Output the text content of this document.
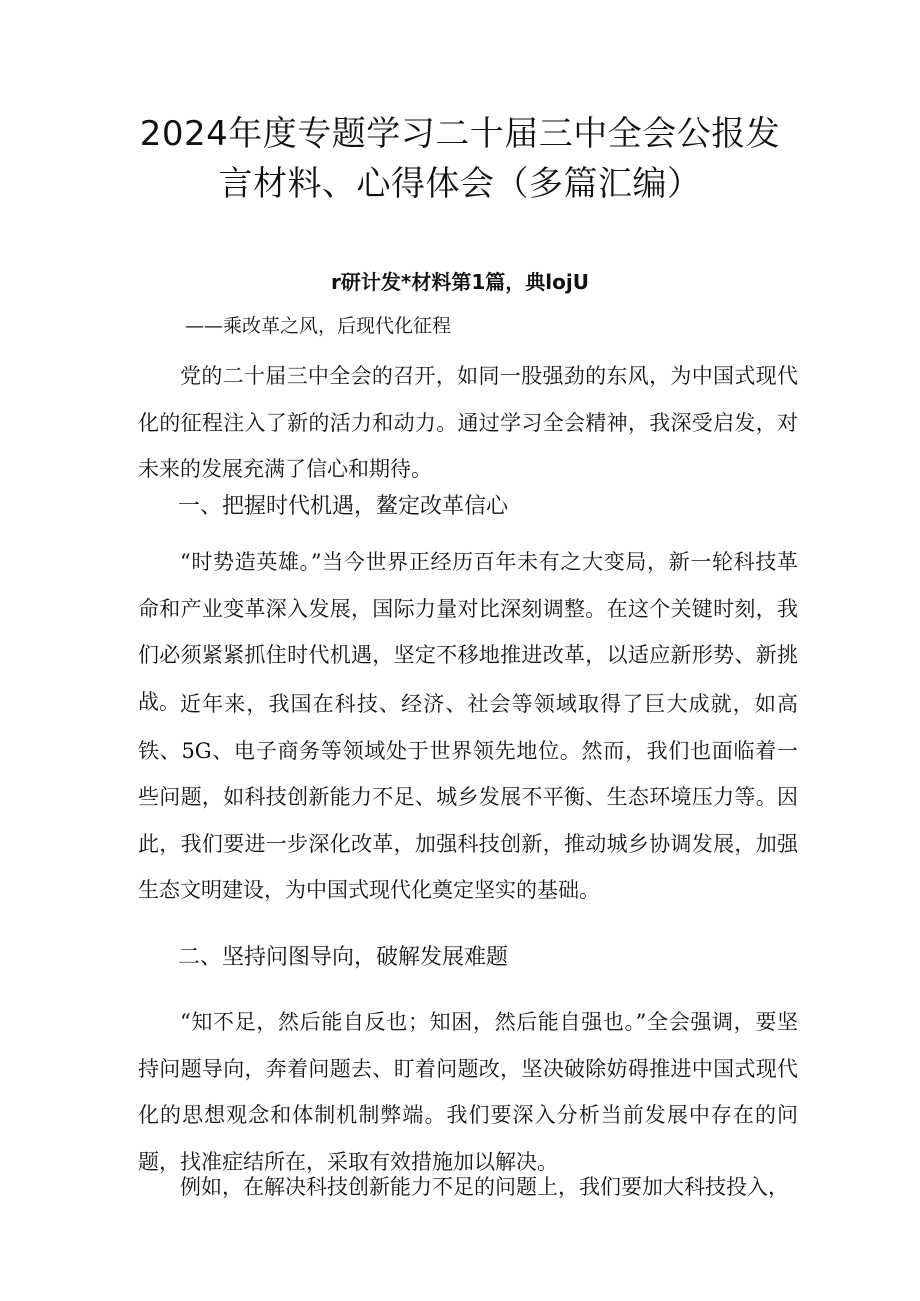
2024年度专题学习二十届三中全会公报发
言材料、心得体会（多篇汇编）
r研计发*材料第1篇，典lojU
——乘改革之风，后现代化征程

党的二十届三中全会的召开，如同一股强劲的东风，为中国式现代化的征程注入了新的活力和动力。通过学习全会精神，我深受启发，对未来的发展充满了信心和期待。

一、把握时代机遇，鳌定改革信心

“时势造英雄。”当今世界正经历百年未有之大变局，新一轮科技革命和产业变革深入发展，国际力量对比深刻调整。在这个关键时刻，我们必须紧紧抓住时代机遇，坚定不移地推进改革，以适应新形势、新挑战。 近年来，我国在科技、经济、社会等领域取得了巨大成就，如高铁、5G、电子商务等领域处于世界领先地位。然而，我们也面临着一些问题，如科技创新能力不足、城乡发展不平衡、生态环境压力等。因此，我们要进一步深化改革，加强科技创新，推动城乡协调发展，加强生态文明建设，为中国式现代化奠定坚实的基础。

二、坚持问图导向，破解发展难题

“知不足，然后能自反也；知困，然后能自强也。”全会强调，要坚持问题导向，奔着问题去、盯着问题改，坚决破除妨碍推进中国式现代化的思想观念和体制机制弊端。我们要深入分析当前发展中存在的问题，找准症结所在，采取有效措施加以解决。

例如，在解决科技创新能力不足的问题上，我们要加大科技投入，
